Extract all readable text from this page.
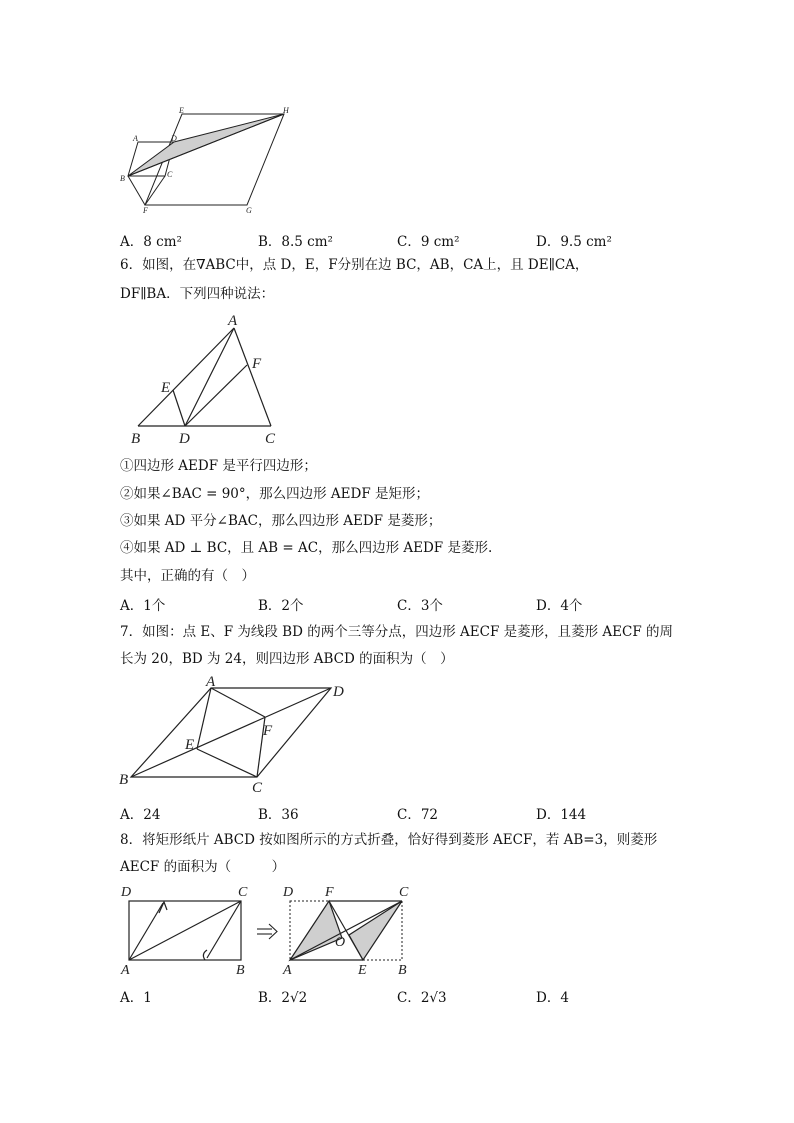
E	H
A	D
B	C
F	G
A．8 cm²	B．8.5 cm²	C．9 cm²	D．9.5 cm²
6．如图，在∇ABC中，点 D，E，F分别在边 BC，AB，CA上，且 DE∥CA，
DF∥BA．下列四种说法：
A
E
F
B	D	C
①四边形 AEDF 是平行四边形；
②如果∠BAC = 90°，那么四边形 AEDF 是矩形；
③如果 AD 平分∠BAC，那么四边形 AEDF 是菱形；
④如果 AD ⊥ BC，且 AB = AC，那么四边形 AEDF 是菱形.
其中，正确的有（　）
A．1个	B．2个	C．3个	D．4个
7．如图：点 E、F 为线段 BD 的两个三等分点，四边形 AECF 是菱形，且菱形 AECF 的周
长为 20，BD 为 24，则四边形 ABCD 的面积为（　）
A
D
E
F
B	C
A．24	B．36	C．72	D．144
8．将矩形纸片 ABCD 按如图所示的方式折叠，恰好得到菱形 AECF，若 AB=3，则菱形
AECF 的面积为（　　　）
D	C
A	B
D F	C
O
A	E B
A．1	B．2√2	C．2√3	D．4
